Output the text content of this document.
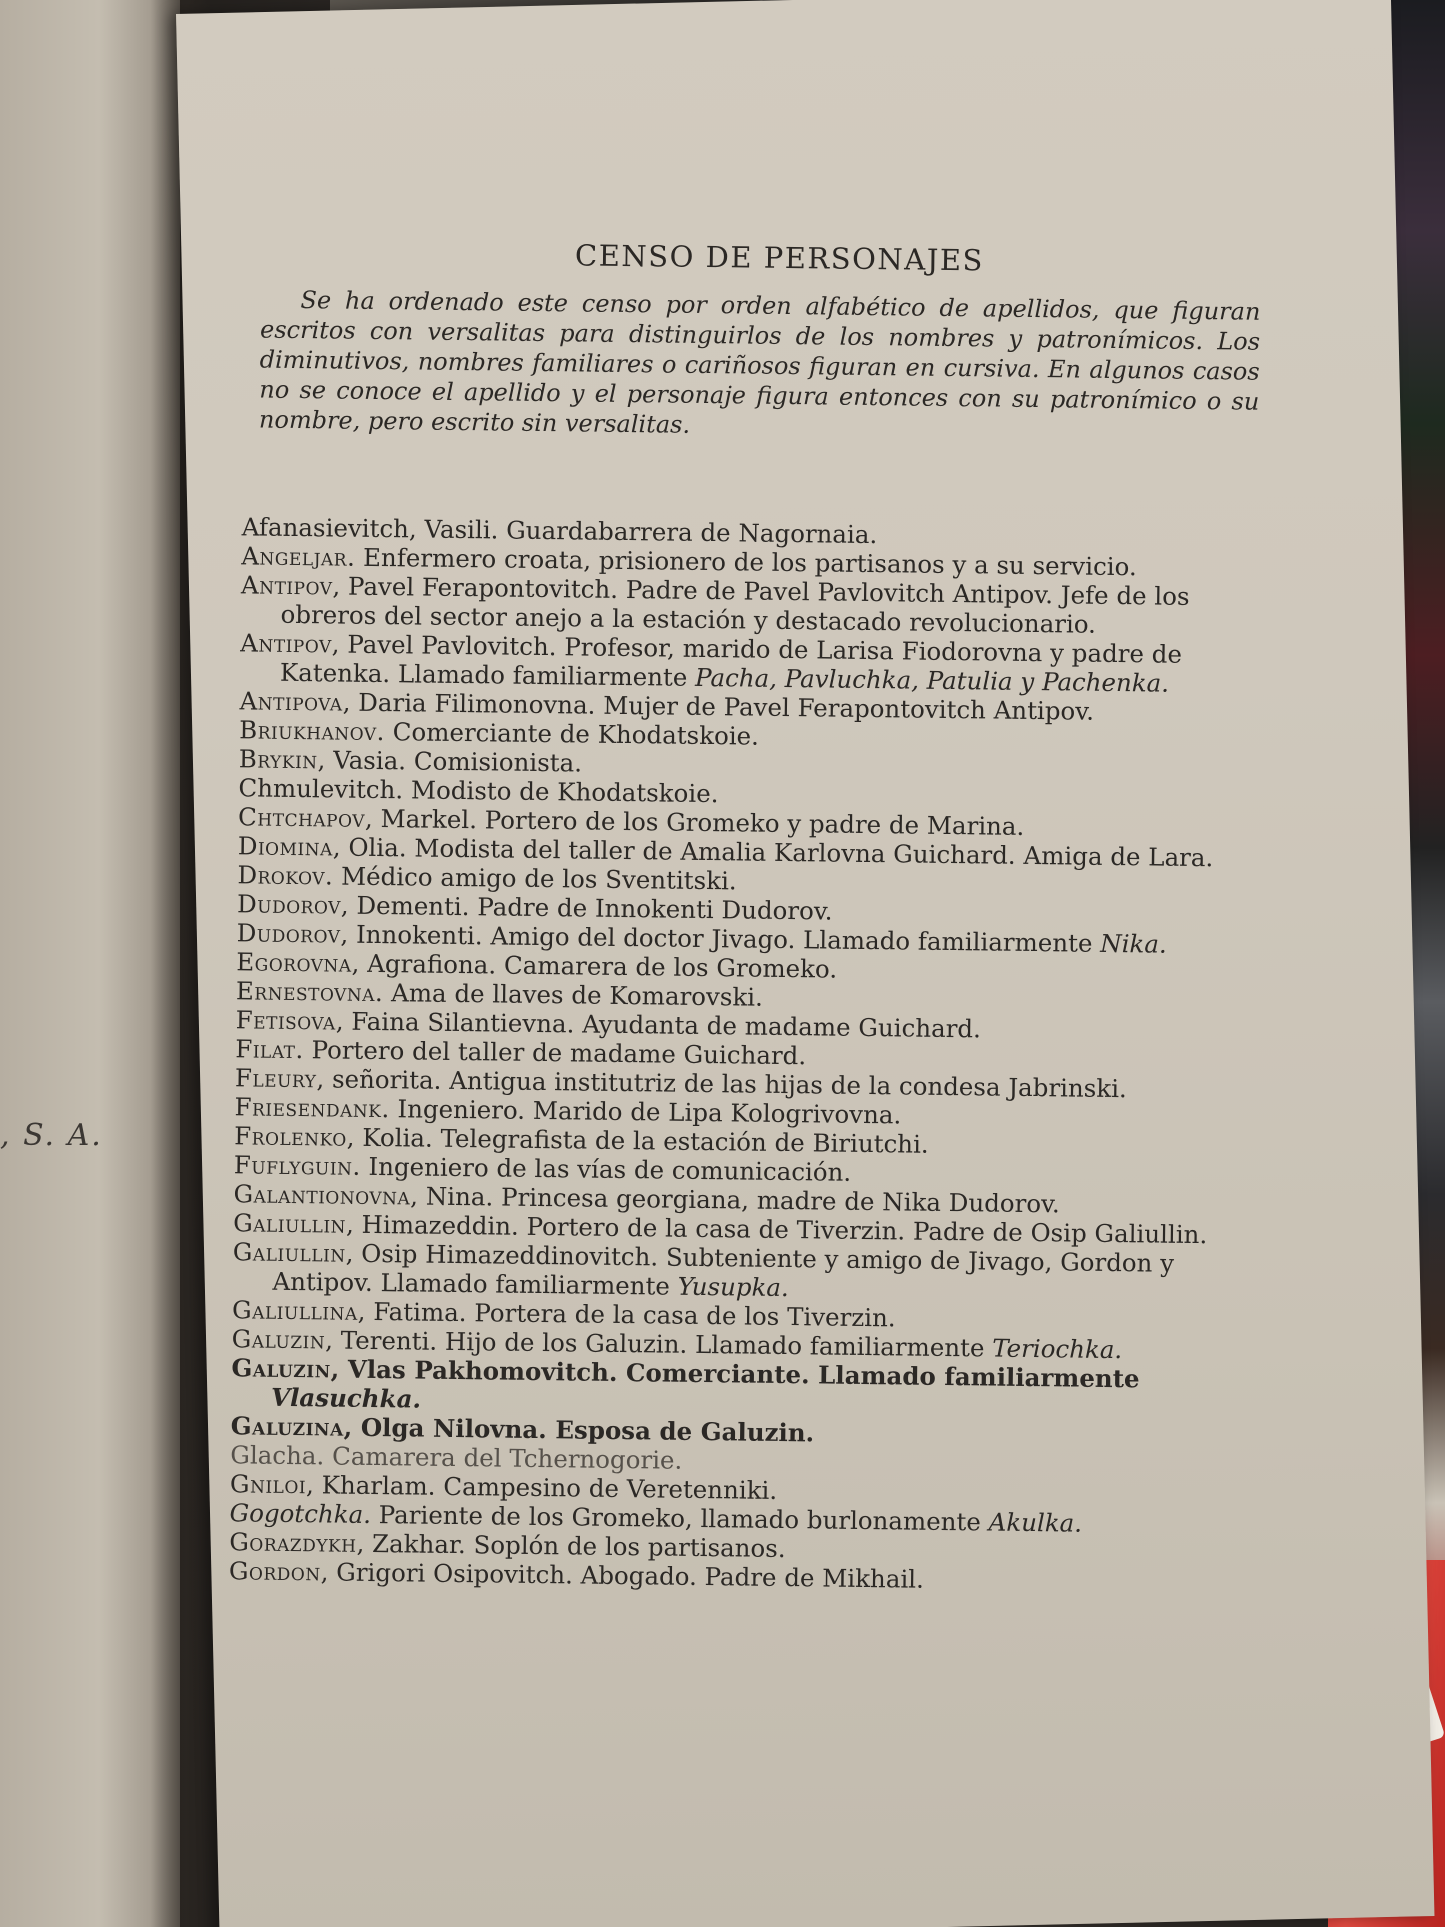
, S. A.
CENSO DE PERSONAJES

Se ha ordenado este censo por orden alfabético de apellidos, que figuran escritos con versalitas para distinguirlos de los nombres y patronímicos. Los diminutivos, nombres familiares o cariñosos figuran en cursiva. En algunos casos no se conoce el apellido y el personaje figura entonces con su patronímico o su nombre, pero escrito sin versalitas.

Afanasievitch, Vasili. Guardabarrera de Nagornaia.
Angeljar. Enfermero croata, prisionero de los partisanos y a su servicio.
Antipov, Pavel Ferapontovitch. Padre de Pavel Pavlovitch Antipov. Jefe de los obreros del sector anejo a la estación y destacado revolucionario.
Antipov, Pavel Pavlovitch. Profesor, marido de Larisa Fiodorovna y padre de Katenka. Llamado familiarmente Pacha, Pavluchka, Patulia y Pachenka.
Antipova, Daria Filimonovna. Mujer de Pavel Ferapontovitch Antipov.
Briukhanov. Comerciante de Khodatskoie.
Brykin, Vasia. Comisionista.
Chmulevitch. Modisto de Khodatskoie.
Chtchapov, Markel. Portero de los Gromeko y padre de Marina.
Diomina, Olia. Modista del taller de Amalia Karlovna Guichard. Amiga de Lara.
Drokov. Médico amigo de los Sventitski.
Dudorov, Dementi. Padre de Innokenti Dudorov.
Dudorov, Innokenti. Amigo del doctor Jivago. Llamado familiarmente Nika.
Egorovna, Agrafiona. Camarera de los Gromeko.
Ernestovna. Ama de llaves de Komarovski.
Fetisova, Faina Silantievna. Ayudanta de madame Guichard.
Filat. Portero del taller de madame Guichard.
Fleury, señorita. Antigua institutriz de las hijas de la condesa Jabrinski.
Friesendank. Ingeniero. Marido de Lipa Kologrivovna.
Frolenko, Kolia. Telegrafista de la estación de Biriutchi.
Fuflyguin. Ingeniero de las vías de comunicación.
Galantionovna, Nina. Princesa georgiana, madre de Nika Dudorov.
Galiullin, Himazeddin. Portero de la casa de Tiverzin. Padre de Osip Galiullin.
Galiullin, Osip Himazeddinovitch. Subteniente y amigo de Jivago, Gordon y Antipov. Llamado familiarmente Yusupka.
Galiullina, Fatima. Portera de la casa de los Tiverzin.
Galuzin, Terenti. Hijo de los Galuzin. Llamado familiarmente Teriochka.
Galuzin, Vlas Pakhomovitch. Comerciante. Llamado familiarmente Vlasuchka.
Galuzina, Olga Nilovna. Esposa de Galuzin.
Glacha. Camarera del Tchernogorie.
Gniloi, Kharlam. Campesino de Veretenniki.
Gogotchka. Pariente de los Gromeko, llamado burlonamente Akulka.
Gorazdykh, Zakhar. Soplón de los partisanos.
Gordon, Grigori Osipovitch. Abogado. Padre de Mikhail.
